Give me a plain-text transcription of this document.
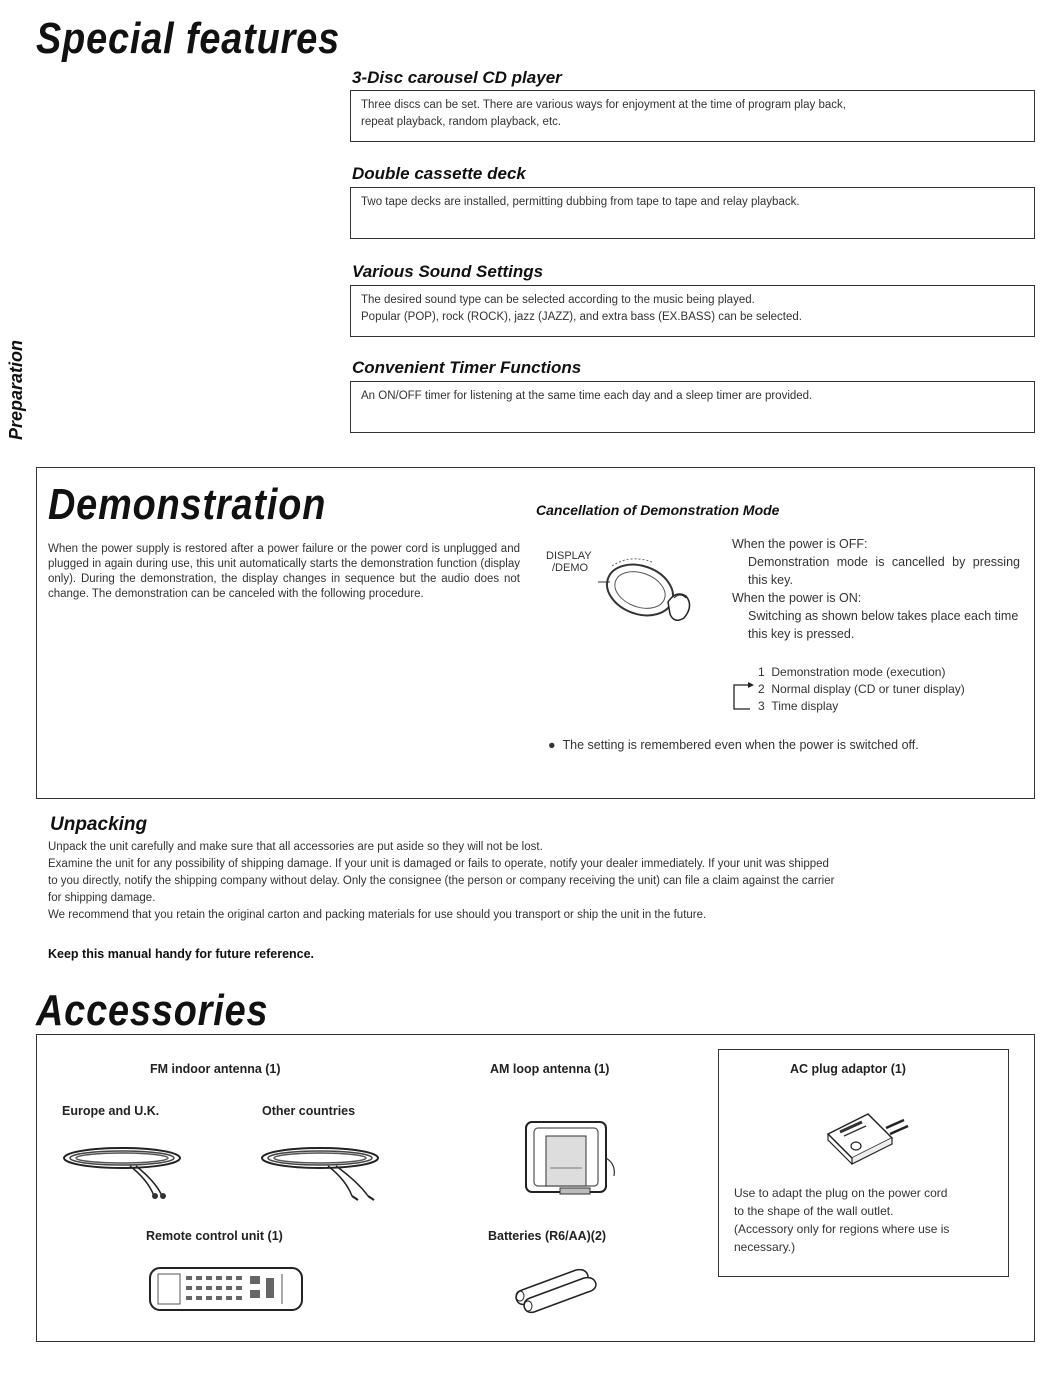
Special features
Preparation
3-Disc carousel CD player

Three discs can be set. There are various ways for enjoyment at the time of program play back,

repeat playback, random playback, etc.

Double cassette deck

Two tape decks are installed, permitting dubbing from tape to tape and relay playback.

Various Sound Settings

The desired sound type can be selected according to the music being played.

Popular (POP), rock (ROCK), jazz (JAZZ), and extra bass (EX.BASS) can be selected.

Convenient Timer Functions

An ON/OFF timer for listening at the same time each day and a sleep timer are provided.

Demonstration

When the power supply is restored after a power failure or the power cord is unplugged and plugged in again during use, this unit automatically starts the demonstration function (display only). During the demonstration, the display changes in sequence but the audio does not change. The demonstration can be canceled with the following procedure.

Cancellation of Demonstration Mode
DISPLAY
/DEMO
When the power is OFF:
Demonstration mode is cancelled by pressing this key.
When the power is ON:
Switching as shown below takes place each time this key is pressed.
1 Demonstration mode (execution)
2 Normal display (CD or tuner display)
3 Time display
● The setting is remembered even when the power is switched off.
Unpacking

Unpack the unit carefully and make sure that all accessories are put aside so they will not be lost.

Examine the unit for any possibility of shipping damage. If your unit is damaged or fails to operate, notify your dealer immediately. If your unit was shipped

to you directly, notify the shipping company without delay. Only the consignee (the person or company receiving the unit) can file a claim against the carrier

for shipping damage.

We recommend that you retain the original carton and packing materials for use should you transport or ship the unit in the future.

Keep this manual handy for future reference.
Accessories
FM indoor antenna (1)
Europe and U.K.	Other countries
AM loop antenna (1)	AC plug adaptor (1)
Use to adapt the plug on the power cord
to the shape of the wall outlet.
(Accessory only for regions where use is
necessary.)
Remote control unit (1)	Batteries (R6/AA)(2)
